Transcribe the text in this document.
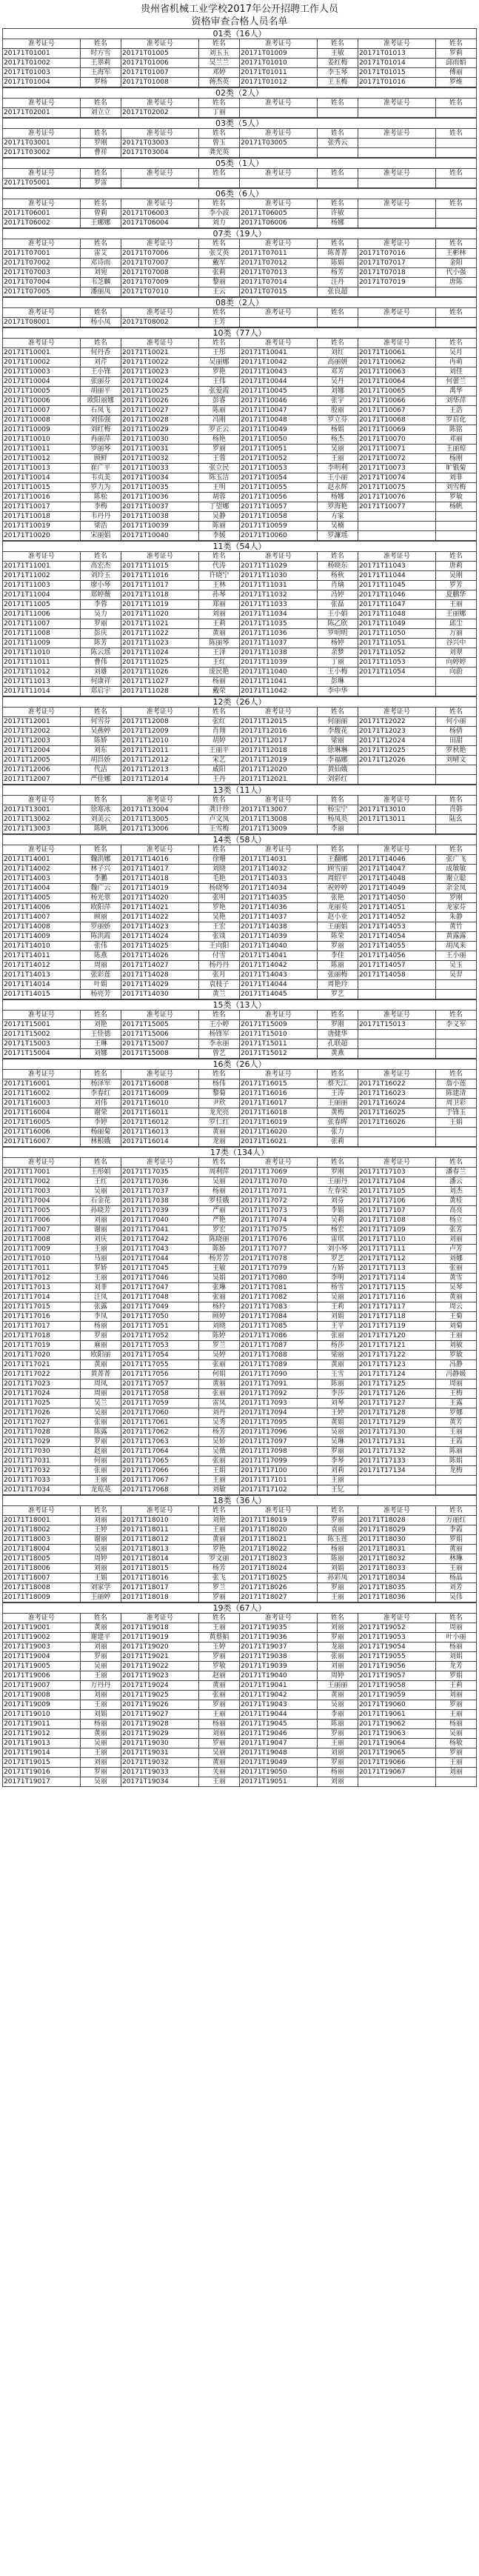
贵州省机械工业学校2017年公开招聘工作人员
资格审查合格人员名单
01类（16人）
准考证号	姓名	准考证号	姓名	准考证号	姓名	准考证号	姓名
20171T01001	时方雪	20171T01005	刘玉玉	20171T01009	王敏	20171T01013	罗莉
20171T01002	王翠莉	20171T01006	吴兰兰	20171T01010	姜红梅	20171T01014	邱雨娟
20171T01003	王海军	20171T01007	邓婷	20171T01011	李玉琴	20171T01015	傅丽
20171T01004	罗杨	20171T01008	蒋杰英	20171T01012	王玉梅	20171T01016	罗维
02类（2人）
准考证号	姓名	准考证号	姓名	准考证号	姓名	准考证号	姓名
20171T02001	刘立立	20171T02002	丁丽				
03类（5人）
准考证号	姓名	准考证号	姓名	准考证号	姓名	准考证号	姓名
20171T03001	罗刚	20171T03003	曾玉	20171T03005	张秀云		
20171T03002	曹祥	20171T03004	龚光英				
05类（1人）
准考证号	姓名	准考证号	姓名	准考证号	姓名	准考证号	姓名
20171T05001	罗雷						
06类（6人）
准考证号	姓名	准考证号	姓名	准考证号	姓名	准考证号	姓名
20171T06001	曾莉	20171T06003	李小波	20171T06005	许敏		
20171T06002	王娜娜	20171T06004	刘力	20171T06006	杨娜		
07类（19人）
准考证号	姓名	准考证号	姓名	准考证号	姓名	准考证号	姓名
20171T07001	雷艾	20171T07006	张艾英	20171T07011	陈菁菁	20171T07016	王彬林
20171T07002	邓诗雨	20171T07007	戴军	20171T07012	陈娟	20171T07017	金阳
20171T07003	刘宛	20171T07008	张莉	20171T07013	杨芳	20171T07018	代小强
20171T07004	韦芝麟	20171T07009	黎丽	20171T07014	汪丹	20171T07019	唐陈
20171T07005	潘丽凤	20171T07010	王云	20171T07015	张良超		
08类（2人）
准考证号	姓名	准考证号	姓名	准考证号	姓名	准考证号	姓名
20171T08001	杨小凤	20171T08002	王芳				
10类（77人）
准考证号	姓名	准考证号	姓名	准考证号	姓名	准考证号	姓名
20171T10001	何丹香	20171T10021	王彤	20171T10041	刘红	20171T10061	吴月
20171T10002	刘芹	20171T10022	吴丽娜	20171T10042	高丽妍	20171T10062	冉萌
20171T10003	王小锋	20171T10023	罗艳	20171T10043	邓芳	20171T10063	刘佳
20171T10004	张丽芬	20171T10024	王伟	20171T10044	吴丹	20171T10064	何蕾兰
20171T10005	胡丽平	20171T10025	张爱霞	20171T10045	刘娜	20171T10065	禹华
20171T10006	欧阳丽娜	20171T10026	彭睿	20171T10046	张宇	20171T10066	刘华萍
20171T10007	石凤飞	20171T10027	陈丽	20171T10047	殷丽	20171T10067	王浩
20171T10008	刘伟强	20171T10028	冯刚	20171T10048	罗立芬	20171T10068	罗启化
20171T10009	刘红梅	20171T10029	罗正云	20171T10049	杨娟	20171T10069	陈铭
20171T10010	冉丽萍	20171T10030	杨艳	20171T10050	杨杰	20171T10070	邓丽
20171T10011	罗丽琴	20171T10031	罗丽	20171T10051	吴丽	20171T10071	王丽琼
20171T10012	顾鲜	20171T10032	王蓉	20171T10052	王丽	20171T10072	杨刚
20171T10013	崔广平	20171T10033	张立民	20171T10053	李明利	20171T10073	旷银菊
20171T10014	韦贞美	20171T10034	陈玉洁	20171T10054	王小丽	20171T10074	刘菲
20171T10015	罗力为	20171T10035	王明	20171T10055	赵永辉	20171T10075	刘雪梅
20171T10016	陈松	20171T10036	胡蓉	20171T10056	杨娜	20171T10076	罗敏
20171T10017	李梅	20171T10037	丁望娜	20171T10057	罗海艳	20171T10077	杨帆
20171T10018	韦丹丹	20171T10038	吴静	20171T10058	方家		
20171T10019	梁浩	20171T10039	陈丽	20171T10059	吴楠		
20171T10020	宋丽娟	20171T10040	李媛	20171T10060	罗濂瑶		
11类（54人）
准考证号	姓名	准考证号	姓名	准考证号	姓名	准考证号	姓名
20171T11001	高宏杰	20171T11015	代涛	20171T11029	杨晓东	20171T11043	唐莉
20171T11002	刘玲玉	20171T11016	许晓宁	20171T11030	杨秋	20171T11044	吴刚
20171T11003	廖小琴	20171T11017	王林	20171T11031	肖璃	20171T11045	罗芳
20171T11004	郑婷薇	20171T11018	孙琴	20171T11032	冯婷	20171T11046	夏鹏华
20171T11005	李蓉	20171T11019	郑丽	20171T11033	张磊	20171T11047	王丽
20171T11006	吴力	20171T11020	刘丽	20171T11034	王小娟	20171T11048	王丽娜
20171T11007	罗丽	20171T11021	王莉	20171T11035	陈乙欣	20171T11049	邱尘
20171T11008	彭庆	20171T11022	黄丽	20171T11036	罗明明	20171T11050	万丽
20171T11009	陈芳	20171T11023	陈丽琴	20171T11037	杨婷	20171T11051	谷兴中
20171T11010	陈云瑶	20171T11024	王泽	20171T11038	余梦	20171T11052	刘翠
20171T11011	曹伟	20171T11025	王红	20171T11039	丁丽	20171T11053	向婷婷
20171T11012	刘雄	20171T11026	庞民艳	20171T11040	王小梅	20171T11054	向蔚
20171T11013	何康祥	20171T11027	杨丽	20171T11041	彭琳		
20171T11014	郑启宇	20171T11028	戴荣	20171T11042	李中华		
12类（26人）
准考证号	姓名	准考证号	姓名	准考证号	姓名	准考证号	姓名
20171T12001	何雪芬	20171T12008	张红	20171T12015	何丽丽	20171T12022	何小丽
20171T12002	吴燕婷	20171T12009	肖翔	20171T12016	李馥花	20171T12023	杨倩
20171T12003	陈娇	20171T12010	胡婷	20171T12017	梁丽	20171T12024	田甜
20171T12004	刘东	20171T12011	王丽平	20171T12018	徐琳琳	20171T12025	罗秋艳
20171T12005	胡昌娇	20171T12012	宋艺	20171T12019	李福娜	20171T12026	刘晴文
20171T12006	代洁	20171T12013	戚阳	20171T12020	黄仙娥		
20171T12007	严佳娜	20171T12014	王丹	20171T12021	刘彩红		
13类（11人）
准考证号	姓名	准考证号	姓名	准考证号	姓名	准考证号	姓名
20171T13001	徐寒冰	20171T13004	龚计珍	20171T13007	杨宝宁	20171T13010	肖韩
20171T13002	刘美云	20171T13005	卢文凤	20171T13008	杨凤英	20171T13011	陆幺
20171T13003	陈帆	20171T13006	王雪梅	20171T13009	李丽		
14类（58人）
准考证号	姓名	准考证号	姓名	准考证号	姓名	准考证号	姓名
20171T14001	魏洪娜	20171T14016	徐珊	20171T14031	王翻娜	20171T14046	张广飞
20171T14002	林子兴	20171T14017	刘晓	20171T14032	顾雪丽	20171T14047	成敏敏
20171T14003	李鹏	20171T14018	毛艳	20171T14033	周绍平	20171T14048	谢立聪
20171T14004	魏广云	20171T14019	杨晓琴	20171T14034	祝婷婷	20171T14049	余金凤
20171T14005	杨光翠	20171T14020	张明	20171T14035	张艳	20171T14050	罗刚
20171T14006	欧阳萍	20171T14021	罗艳	20171T14036	龙丽英	20171T14051	龙家芬
20171T14007	顾丽	20171T14022	吴艳	20171T14037	赵小亚	20171T14052	朱静
20171T14008	罗丽娇	20171T14023	王宏	20171T14038	王丽娟	20171T14053	黄竹
20171T14009	陈洪霞	20171T14024	张谈	20171T14039	陈荣	20171T14054	黄露露
20171T14010	张伟	20171T14025	王向阳	20171T14040	罗丽	20171T14055	胡凤来
20171T14011	陈燕	20171T14026	付雪	20171T14041	李佳	20171T14056	王小丽
20171T14012	周丽	20171T14027	杨丹丹	20171T14042	陈丽	20171T14057	吴玉
20171T14013	张彩莲	20171T14028	张月	20171T14043	张丽梅	20171T14058	吴羿
20171T14014	叶娟	20171T14029	袁枝子	20171T14044	周艳玲		
20171T14015	杨亮芳	20171T14030	黄兰	20171T14045	罗艺		
15类（13人）
准考证号	姓名	准考证号	姓名	准考证号	姓名	准考证号	姓名
20171T15001	刘艳	20171T15005	王小婷	20171T15009	罗刚	20171T15013	李义军
20171T15002	王佳德	20171T15006	杨锋军	20171T15010	唐健华		
20171T15003	王琳	20171T15007	李永丽	20171T15011	孔联超		
20171T15004	刘娜	20171T15008	曾艺	20171T15012	黄燕		
16类（26人）
准考证号	姓名	准考证号	姓名	准考证号	姓名	准考证号	姓名
20171T16001	杨泽军	20171T16008	杨伟	20171T16015	蔡天江	20171T16022	詹小莲
20171T16002	李春红	20171T16009	黎菊	20171T16016	王涛	20171T16023	陈建清
20171T16003	刘伟	20171T16010	尹欣	20171T16017	王丽丽	20171T16024	周卫彩
20171T16004	谢荣	20171T16011	龙光亮	20171T16018	黄梅	20171T16025	于锋玉
20171T16005	李婷	20171T16012	罗仁红	20171T16019	张春晖	20171T16026	王娟
20171T16006	杨丽菊	20171T16013	黄丽	20171T16020	张力		
20171T16007	林根娥	20171T16014	龙丽	20171T16021	张莉		
17类（134人）
准考证号	姓名	准考证号	姓名	准考证号	姓名	准考证号	姓名
20171T17001	王彤娟	20171T17035	周利萍	20171T17069	罗刚	20171T17103	潘春兰
20171T17002	王红	20171T17036	吴丽	20171T17070	王丽丹	20171T17104	潘云
20171T17003	吴丽	20171T17037	杨丽	20171T17071	左春荣	20171T17105	刘杰
20171T17004	石金花	20171T17038	罗桂娥	20171T17072	刘芬	20171T17106	黄桂
20171T17005	孙晓芳	20171T17039	严丽	20171T17073	李娟	20171T17107	高亮
20171T17006	刘丽	20171T17040	严艳	20171T17074	吴莉	20171T17108	杨立
20171T17007	谢丽	20171T17041	罗宏	20171T17075	杨宏	20171T17109	张芳
20171T17008	刘庆	20171T17042	陈晓丽	20171T17076	雷琪	20171T17110	刘丽
20171T17009	王丽	20171T17043	陈娇	20171T17077	刘小琴	20171T17111	卢芳
20171T17010	马丽	20171T17044	杨芳芳	20171T17078	罗艺	20171T17112	刘娜
20171T17011	罗娇	20171T17045	王敏	20171T17079	方娇	20171T17113	张丽
20171T17012	王丽	20171T17046	吴娟	20171T17080	李明	20171T17114	黄雪
20171T17013	刘菲	20171T17047	张琳	20171T17081	杨雪	20171T17115	吴琴
20171T17014	汪凤	20171T17048	张丽	20171T17082	吴丽	20171T17116	黄丽
20171T17015	张露	20171T17049	杨玲	20171T17083	王莉	20171T17117	周云
20171T17016	李凤	20171T17050	顾婷	20171T17084	刘娟	20171T17118	王菊
20171T17017	杨丽	20171T17051	刘晓	20171T17085	王平	20171T17119	刘菊
20171T17018	罗丽	20171T17052	陈婷	20171T17086	张丽	20171T17120	王丽
20171T17019	麻丽	20171T17053	罗兰	20171T17087	杨莎	20171T17121	刘敏
20171T17020	欧阳丽	20171T17054	吴婷	20171T17088	梁丽	20171T17122	罗敏
20171T17021	黄丽	20171T17055	张丽	20171T17089	黄丽	20171T17123	冯静
20171T17022	黄菁菁	20171T17056	何娟	20171T17090	王雪	20171T17124	冯静媛
20171T17023	周凤	20171T17057	黄丽	20171T17091	陈丽	20171T17125	周丽
20171T17024	周丽	20171T17058	张丽	20171T17092	李莎	20171T17126	王梅
20171T17025	吴兰	20171T17059	雷凤	20171T17093	刘琴	20171T17127	王露
20171T17026	吴丽	20171T17060	刘丹	20171T17094	王婷	20171T17128	罗娜
20171T17027	张丽	20171T17061	吴秀	20171T17095	黄娟	20171T17129	黄芳
20171T17028	陈露	20171T17062	杨芳	20171T17096	吴丽	20171T17130	王丽
20171T17029	罗丽	20171T17063	吴娇	20171T17097	吴琳	20171T17131	王霞
20171T17030	赵丽	20171T17064	吴薇	20171T17098	罗丽	20171T17132	陈丽
20171T17031	何丽	20171T17065	张丽	20171T17099	李琴	20171T17133	陈娟
20171T17032	张丽	20171T17066	王娟	20171T17100	刘莉	20171T17134	龙梅
20171T17033	王丽	20171T17067	王丽	20171T17101	王丽		
20171T17034	龙琼英	20171T17068	刘敏	20171T17102	王钇		
18类（36人）
准考证号	姓名	准考证号	姓名	准考证号	姓名	准考证号	姓名
20171T18001	刘丽	20171T18010	刘艳	20171T18019	罗丽	20171T18028	万丽红
20171T18002	王婷	20171T18011	王丽	20171T18020	袁丽	20171T18029	李霞
20171T18003	谢丽	20171T18012	黄丽	20171T18021	陈玉莲	20171T18030	罗娟
20171T18004	吴丽	20171T18013	罗艳	20171T18022	杨丽	20171T18031	黄丽
20171T18005	周婷	20171T18014	罗文丽	20171T18023	陈丽	20171T18032	林琳
20171T18006	刘丽	20171T18015	杨芳	20171T18024	刘娟	20171T18033	王丽
20171T18007	王娟	20171T18016	张飞	20171T18025	孙彩凤	20171T18034	杨晶
20171T18008	刘家学	20171T18017	罗兰	20171T18026	罗丽	20171T18035	刘芳
20171T18009	王丽婷	20171T18018	罗丽	20171T18027	王丽	20171T18036	吴伟
19类（67人）
准考证号	姓名	准考证号	姓名	准考证号	姓名	准考证号	姓名
20171T19001	黄丽	20171T19018	王丽	20171T19035	刘丽	20171T19052	周丽
20171T19002	谢建平	20171T19019	黄蔡娟	20171T19036	罗丽	20171T19053	叶小丽
20171T19003	刘丽	20171T19020	王婷	20171T19037	龙丽	20171T19054	杨丽
20171T19004	罗丽	20171T19021	罗丽	20171T19038	张丽	20171T19055	刘娟
20171T19005	吴丽	20171T19022	罗敏	20171T19039	刘丽	20171T19056	龙芳
20171T19006	王丽	20171T19023	赵丽	20171T19040	周婷	20171T19057	罗娟
20171T19007	万丹丹	20171T19024	黄丽	20171T19041	王丽丽	20171T19058	王莉
20171T19008	刘丽	20171T19025	张丽	20171T19042	黄丽	20171T19059	刘丽
20171T19009	王丽	20171T19026	罗丽	20171T19043	吴丽	20171T19060	罗丽
20171T19010	刘娟	20171T19027	王丽	20171T19044	李丽	20171T19061	王丽
20171T19011	杨丽	20171T19028	杨丽	20171T19045	陈丽	20171T19062	杨丽
20171T19012	黄丽	20171T19029	刘丽	20171T19046	罗丽	20171T19063	吴丽
20171T19013	吴丽	20171T19030	罗丽	20171T19047	王丽	20171T19064	杨敏
20171T19014	王丽	20171T19031	吴丽	20171T19048	刘丽	20171T19065	罗丽
20171T19015	刘丽	20171T19032	黄丽	20171T19049	罗丽	20171T19066	王丽
20171T19016	罗丽	20171T19033	关丽	20171T19050	杨丽	20171T19067	刘丽
20171T19017	吴丽	20171T19034	王丽	20171T19051	刘丽		
